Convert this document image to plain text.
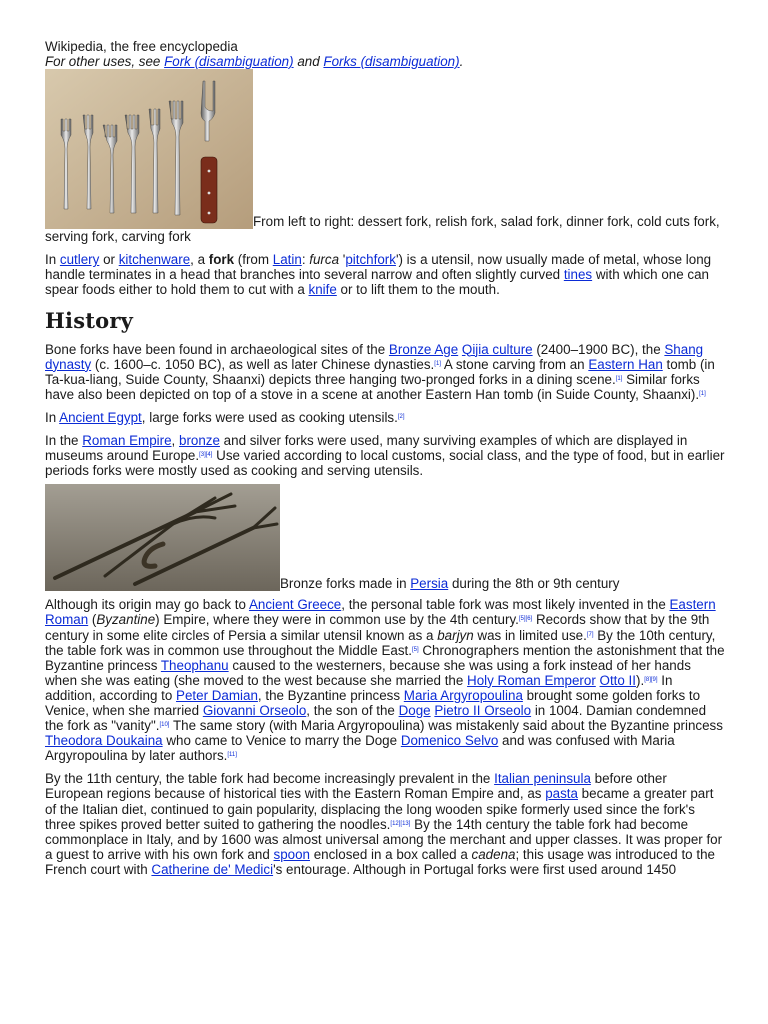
Wikipedia, the free encyclopedia

For other uses, see Fork (disambiguation) and Forks (disambiguation).

From left to right: dessert fork, relish fork, salad fork, dinner fork, cold cuts fork, serving fork, carving fork

In cutlery or kitchenware, a fork (from Latin: furca 'pitchfork') is a utensil, now usually made of metal, whose long handle terminates in a head that branches into several narrow and often slightly curved tines with which one can spear foods either to hold them to cut with a knife or to lift them to the mouth.

History

Bone forks have been found in archaeological sites of the Bronze Age Qijia culture (2400–1900 BC), the Shang dynasty (c. 1600–c. 1050 BC), as well as later Chinese dynasties.[1] A stone carving from an Eastern Han tomb (in Ta-kua-liang, Suide County, Shaanxi) depicts three hanging two-pronged forks in a dining scene.[1] Similar forks have also been depicted on top of a stove in a scene at another Eastern Han tomb (in Suide County, Shaanxi).[1]

In Ancient Egypt, large forks were used as cooking utensils.[2]

In the Roman Empire, bronze and silver forks were used, many surviving examples of which are displayed in museums around Europe.[3][4] Use varied according to local customs, social class, and the type of food, but in earlier periods forks were mostly used as cooking and serving utensils.

Bronze forks made in Persia during the 8th or 9th century

Although its origin may go back to Ancient Greece, the personal table fork was most likely invented in the Eastern Roman (Byzantine) Empire, where they were in common use by the 4th century.[5][6] Records show that by the 9th century in some elite circles of Persia a similar utensil known as a barjyn was in limited use.[7] By the 10th century, the table fork was in common use throughout the Middle East.[5] Chronographers mention the astonishment that the Byzantine princess Theophanu caused to the westerners, because she was using a fork instead of her hands when she was eating (she moved to the west because she married the Holy Roman Emperor Otto II).[8][9] In addition, according to Peter Damian, the Byzantine princess Maria Argyropoulina brought some golden forks to Venice, when she married Giovanni Orseolo, the son of the Doge Pietro II Orseolo in 1004. Damian condemned the fork as "vanity".[10] The same story (with Maria Argyropoulina) was mistakenly said about the Byzantine princess Theodora Doukaina who came to Venice to marry the Doge Domenico Selvo and was confused with Maria Argyropoulina by later authors.[11]

By the 11th century, the table fork had become increasingly prevalent in the Italian peninsula before other European regions because of historical ties with the Eastern Roman Empire and, as pasta became a greater part of the Italian diet, continued to gain popularity, displacing the long wooden spike formerly used since the fork's three spikes proved better suited to gathering the noodles.[12][13] By the 14th century the table fork had become commonplace in Italy, and by 1600 was almost universal among the merchant and upper classes. It was proper for a guest to arrive with his own fork and spoon enclosed in a box called a cadena; this usage was introduced to the French court with Catherine de' Medici's entourage. Although in Portugal forks were first used around 1450
